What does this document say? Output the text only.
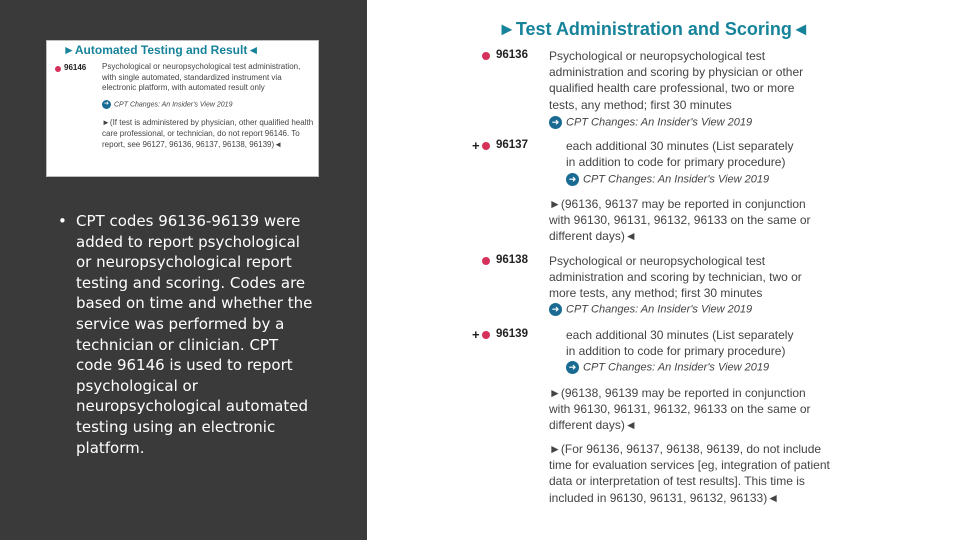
►Automated Testing and Result◄
96146 Psychological or neuropsychological test administration, with single automated, standardized instrument via electronic platform, with automated result only
➜ CPT Changes: An Insider's View 2019
►(If test is administered by physician, other qualified health care professional, or technician, do not report 96146. To report, see 96127, 96136, 96137, 96138, 96139)◄
• CPT codes 96136-96139 were added to report psychological or neuropsychological report testing and scoring. Codes are based on time and whether the service was performed by a technician or clinician. CPT code 96146 is used to report psychological or neuropsychological automated testing using an electronic platform.
►Test Administration and Scoring◄
96136 Psychological or neuropsychological test administration and scoring by physician or other qualified health care professional, two or more tests, any method; first 30 minutes
➜ CPT Changes: An Insider's View 2019
+ 96137	each additional 30 minutes (List separately in addition to code for primary procedure)
➜ CPT Changes: An Insider's View 2019
►(96136, 96137 may be reported in conjunction with 96130, 96131, 96132, 96133 on the same or different days)◄
96138 Psychological or neuropsychological test administration and scoring by technician, two or more tests, any method; first 30 minutes
➜ CPT Changes: An Insider's View 2019
+ 96139	each additional 30 minutes (List separately in addition to code for primary procedure)
➜ CPT Changes: An Insider's View 2019
►(96138, 96139 may be reported in conjunction with 96130, 96131, 96132, 96133 on the same or different days)◄
►(For 96136, 96137, 96138, 96139, do not include time for evaluation services [eg, integration of patient data or interpretation of test results]. This time is included in 96130, 96131, 96132, 96133)◄
